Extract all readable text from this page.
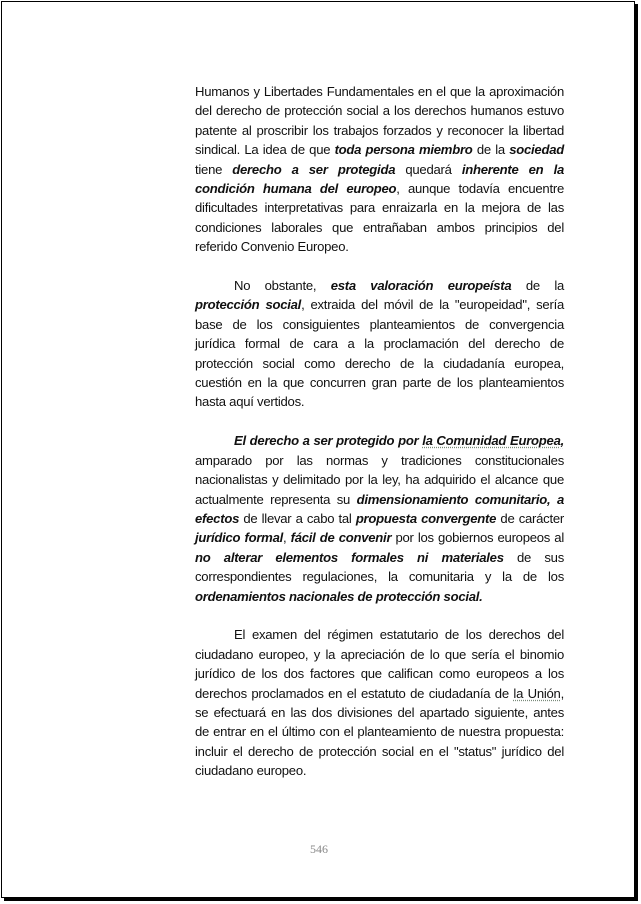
Humanos y Libertades Fundamentales en el que la aproximación del derecho de protección social a los derechos humanos estuvo patente al proscribir los trabajos forzados y reconocer la libertad sindical. La idea de que toda persona miembro de la sociedad tiene derecho a ser protegida quedará inherente en la condición humana del europeo, aunque todavía encuentre dificultades interpretativas para enraizarla en la mejora de las condiciones laborales que entrañaban ambos principios del referido Convenio Europeo.

No obstante, esta valoración europeísta de la protección social, extraida del móvil de la "europeidad", sería base de los consiguientes planteamientos de convergencia jurídica formal de cara a la proclamación del derecho de protección social como derecho de la ciudadanía europea, cuestión en la que concurren gran parte de los planteamientos hasta aquí vertidos.

El derecho a ser protegido por la Comunidad Europea, amparado por las normas y tradiciones constitucionales nacionalistas y delimitado por la ley, ha adquirido el alcance que actualmente representa su dimensionamiento comunitario, a efectos de llevar a cabo tal propuesta convergente de carácter jurídico formal, fácil de convenir por los gobiernos europeos al no alterar elementos formales ni materiales de sus correspondientes regulaciones, la comunitaria y la de los ordenamientos nacionales de protección social.

El examen del régimen estatutario de los derechos del ciudadano europeo, y la apreciación de lo que sería el binomio jurídico de los dos factores que califican como europeos a los derechos proclamados en el estatuto de ciudadanía de la Unión, se efectuará en las dos divisiones del apartado siguiente, antes de entrar en el último con el planteamiento de nuestra propuesta: incluir el derecho de protección social en el "status" jurídico del ciudadano europeo.

546
